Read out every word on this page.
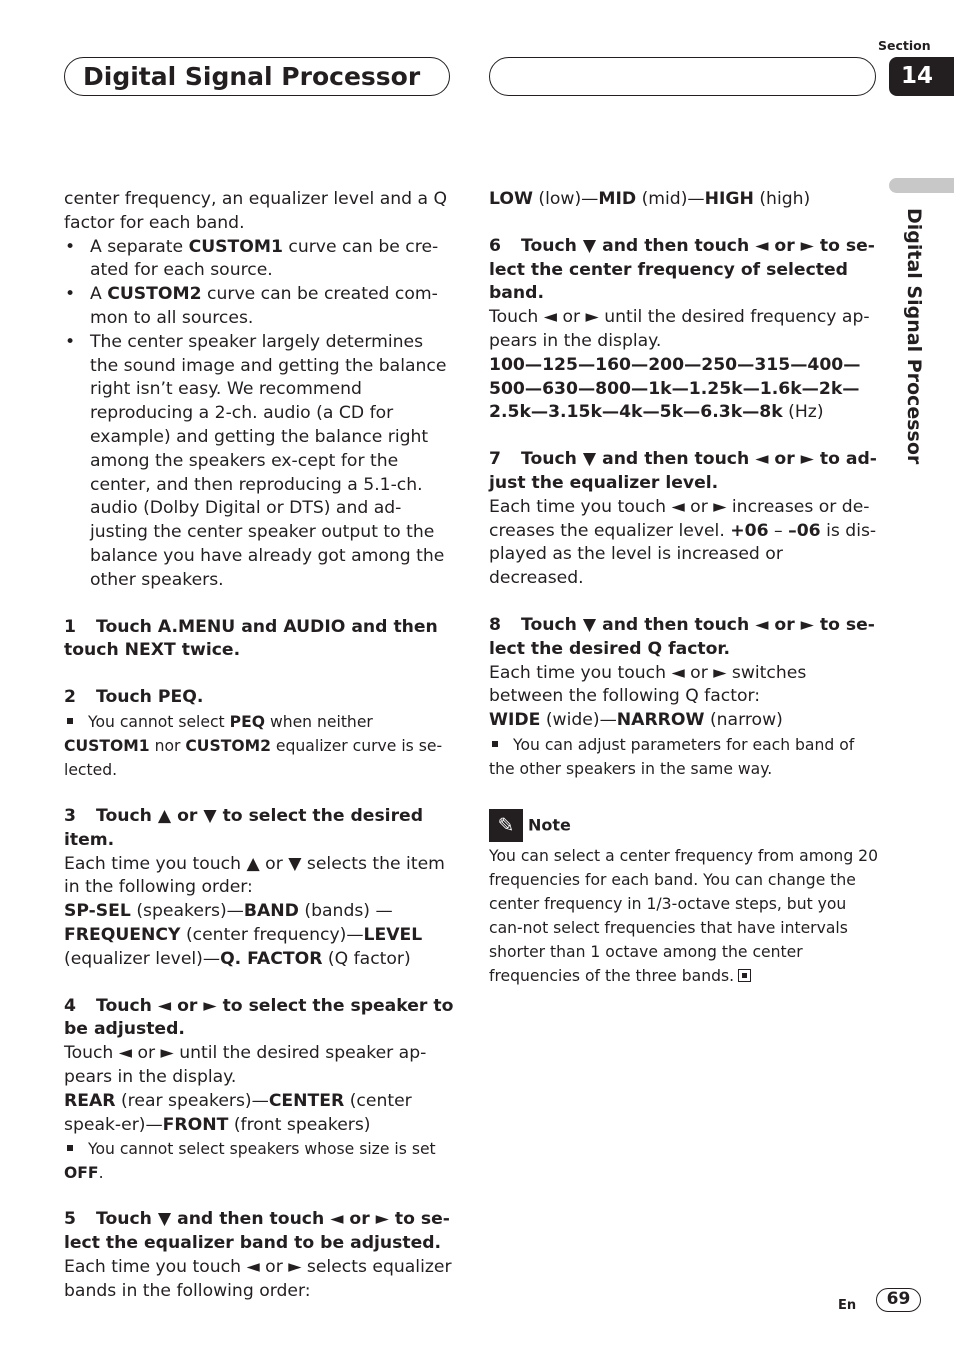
Digital Signal Processor
Section
14
Digital Signal Processor

center frequency, an equalizer level and a Q factor for each band.

• A separate CUSTOM1 curve can be cre-ated for each source.
• A CUSTOM2 curve can be created com-mon to all sources.
• The center speaker largely determines the sound image and getting the balance right isn’t easy. We recommend reproducing a 2-ch. audio (a CD for example) and getting the balance right among the speakers ex-cept for the center, and then reproducing a 5.1-ch. audio (Dolby Digital or DTS) and ad-justing the center speaker output to the balance you have already got among the other speakers.

1 Touch A.MENU and AUDIO and then touch NEXT twice.

2 Touch PEQ.

You cannot select PEQ when neither CUSTOM1 nor CUSTOM2 equalizer curve is se-lected.

3 Touch ▲ or ▼ to select the desired item.

Each time you touch ▲ or ▼ selects the item in the following order:

SP-SEL (speakers)—BAND (bands) —FREQUENCY (center frequency)—LEVEL (equalizer level)—Q. FACTOR (Q factor)

4 Touch ◄ or ► to select the speaker to be adjusted.

Touch ◄ or ► until the desired speaker ap-pears in the display.

REAR (rear speakers)—CENTER (center speak-er)—FRONT (front speakers)

You cannot select speakers whose size is set OFF.

5 Touch ▼ and then touch ◄ or ► to se-lect the equalizer band to be adjusted.

Each time you touch ◄ or ► selects equalizer bands in the following order:

LOW (low)—MID (mid)—HIGH (high)

6 Touch ▼ and then touch ◄ or ► to se-lect the center frequency of selected band.

Touch ◄ or ► until the desired frequency ap-pears in the display.

100—125—160—200—250—315—400—500—630—800—1k—1.25k—1.6k—2k—2.5k—3.15k—4k—5k—6.3k—8k (Hz)

7 Touch ▼ and then touch ◄ or ► to ad-just the equalizer level.

Each time you touch ◄ or ► increases or de-creases the equalizer level. +06 – –06 is dis-played as the level is increased or decreased.

8 Touch ▼ and then touch ◄ or ► to se-lect the desired Q factor.

Each time you touch ◄ or ► switches between the following Q factor:

WIDE (wide)—NARROW (narrow)

You can adjust parameters for each band of the other speakers in the same way.

✎ Note

You can select a center frequency from among 20 frequencies for each band. You can change the center frequency in 1/3-octave steps, but you can-not select frequencies that have intervals shorter than 1 octave among the center frequencies of the three bands.

En	69
